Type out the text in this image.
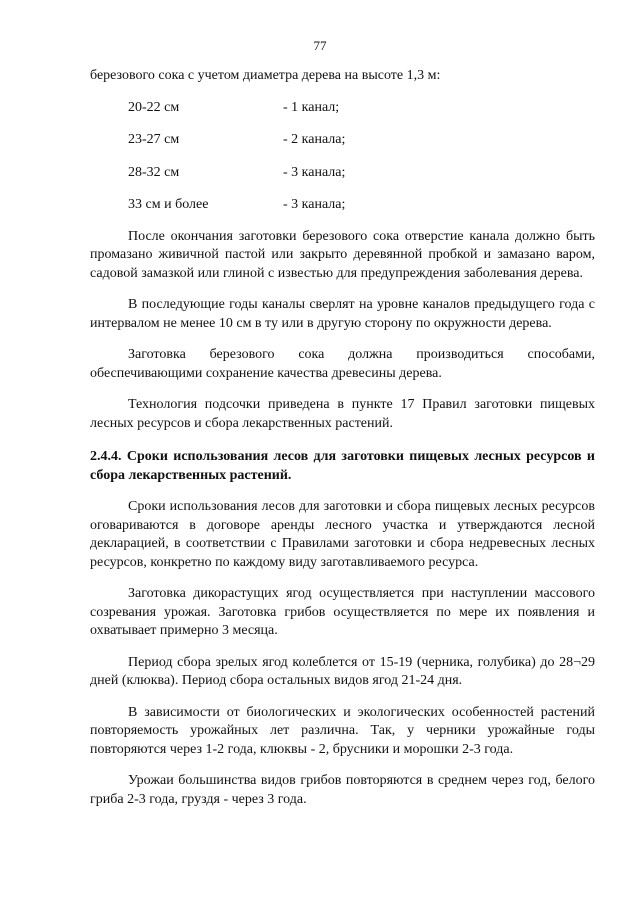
77

березового сока с учетом диаметра дерева на высоте 1,3 м:

20-22 см	- 1 канал;
23-27 см	- 2 канала;
28-32 см	- 3 канала;
33 см и более	- 3 канала;

После окончания заготовки березового сока отверстие канала должно быть промазано живичной пастой или закрыто деревянной пробкой и замазано варом, садовой замазкой или глиной с известью для предупреждения заболевания дерева.

В последующие годы каналы сверлят на уровне каналов предыдущего года с интервалом не менее 10 см в ту или в другую сторону по окружности дерева.

Заготовка березового сока должна производиться способами, обеспечивающими сохранение качества древесины дерева.

Технология подсочки приведена в пункте 17 Правил заготовки пищевых лесных ресурсов и сбора лекарственных растений.

2.4.4. Сроки использования лесов для заготовки пищевых лесных ресурсов и сбора лекарственных растений.

Сроки использования лесов для заготовки и сбора пищевых лесных ресурсов оговариваются в договоре аренды лесного участка и утверждаются лесной декларацией, в соответствии с Правилами заготовки и сбора недревесных лесных ресурсов, конкретно по каждому виду заготавливаемого ресурса.

Заготовка дикорастущих ягод осуществляется при наступлении массового созревания урожая. Заготовка грибов осуществляется по мере их появления и охватывает примерно 3 месяца.

Период сбора зрелых ягод колеблется от 15-19 (черника, голубика) до 28¬29 дней (клюква). Период сбора остальных видов ягод 21-24 дня.

В зависимости от биологических и экологических особенностей растений повторяемость урожайных лет различна. Так, у черники урожайные годы повторяются через 1-2 года, клюквы - 2, брусники и морошки 2-3 года.

Урожаи большинства видов грибов повторяются в среднем через год, белого гриба 2-3 года, груздя - через 3 года.
